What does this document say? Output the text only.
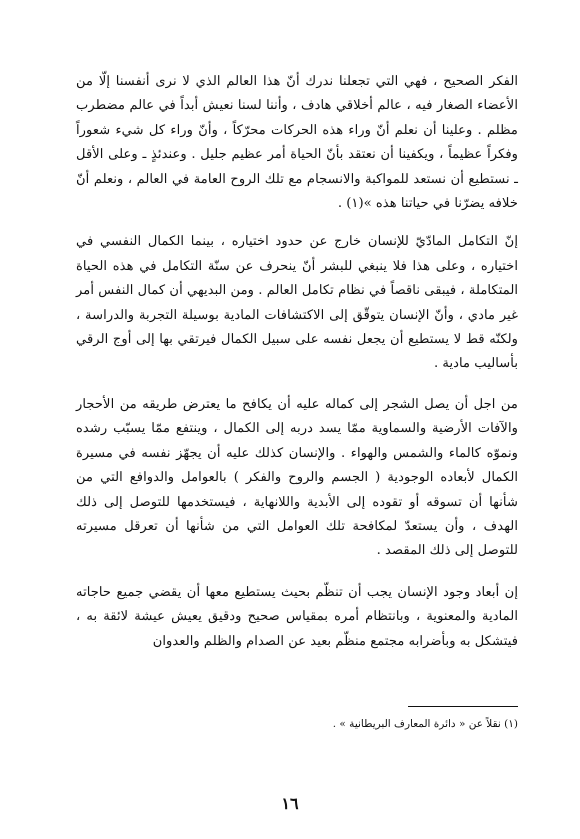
الفكر الصحيح ، فهي التي تجعلنا ندرك أنّ هذا العالم الذي لا نرى أنفسنا إلّا من الأعضاء الصغار فيه ، عالم أخلاقي هادف ، وأننا لسنا نعيش أبداً في عالم مضطرب مظلم . وعلينا أن نعلم أنّ وراء هذه الحركات محرّكاً ، وأنّ وراء كل شيء شعوراً وفكراً عظيماً ، ويكفينا أن نعتقد بأنّ الحياة أمر عظيم جليل . وعندئذٍ ـ وعلى الأقل ـ نستطيع أن نستعد للمواكبة والانسجام مع تلك الروح العامة في العالم ، ونعلم أنّ خلافه يضرّنا في حياتنا هذه »(١) .

إنّ التكامل المادّيّ للإنسان خارج عن حدود اختياره ، بينما الكمال النفسي في اختياره ، وعلى هذا فلا ينبغي للبشر أنّ ينحرف عن سنّة التكامل في هذه الحياة المتكاملة ، فيبقى ناقصاً في نظام تكامل العالم . ومن البديهي أن كمال النفس أمر غير مادي ، وأنّ الإنسان يتوقّق إلى الاكتشافات المادية بوسيلة التجربة والدراسة ، ولكنّه قط لا يستطيع أن يجعل نفسه على سبيل الكمال فيرتقي بها إلى أوج الرقي بأساليب مادية .

من اجل أن يصل الشجر إلى كماله عليه أن يكافح ما يعترض طريقه من الأحجار والآفات الأرضية والسماوية ممّا يسد دربه إلى الكمال ، وينتفع ممّا يسبّب رشده ونموّه كالماء والشمس والهواء . والإنسان كذلك عليه أن يجهّز نفسه في مسيرة الكمال لأبعاده الوجودية ( الجسم والروح والفكر ) بالعوامل والدوافع التي من شأنها أن تسوقه أو تقوده إلى الأبدية واللانهاية ، فيستخدمها للتوصل إلى ذلك الهدف ، وأن يستعدّ لمكافحة تلك العوامل التي من شأنها أن تعرقل مسيرته للتوصل إلى ذلك المقصد .

إن أبعاد وجود الإنسان يجب أن تنظّم بحيث يستطيع معها أن يقضي جميع حاجاته المادية والمعنوية ، وبانتظام أمره بمقياس صحيح ودقيق يعيش عيشة لائقة به ، فيتشكل به وبأضرابه مجتمع منظّم بعيد عن الصدام والظلم والعدوان

(١) نقلاً عن « دائرة المعارف البريطانية » .
١٦
